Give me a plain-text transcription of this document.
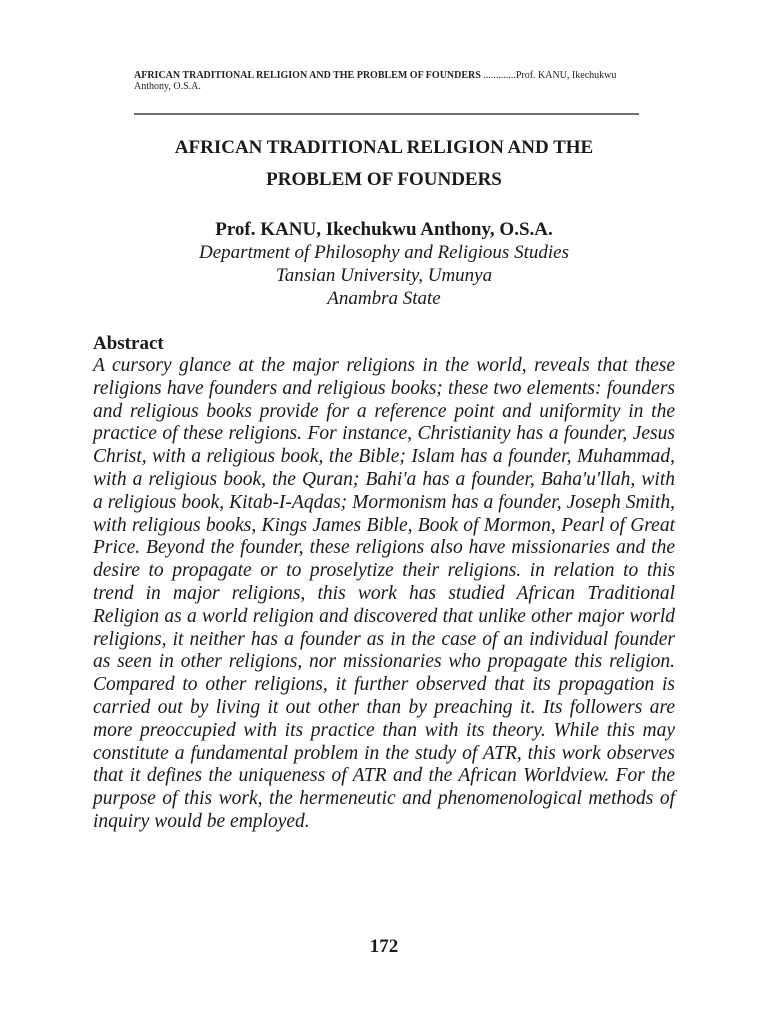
AFRICAN TRADITIONAL RELIGION AND THE PROBLEM OF FOUNDERS .............Prof. KANU, Ikechukwu Anthony, O.S.A.
AFRICAN TRADITIONAL RELIGION AND THE
PROBLEM OF FOUNDERS
Prof. KANU, Ikechukwu Anthony, O.S.A.
Department of Philosophy and Religious Studies
Tansian University, Umunya
Anambra State
Abstract
A cursory glance at the major religions in the world, reveals that these religions have founders and religious books; these two elements: founders and religious books provide for a reference point and uniformity in the practice of these religions. For instance, Christianity has a founder, Jesus Christ, with a religious book, the Bible; Islam has a founder, Muhammad, with a religious book, the Quran; Bahi'a has a founder, Baha'u'llah, with a religious book, Kitab-I-Aqdas; Mormonism has a founder, Joseph Smith, with religious books, Kings James Bible, Book of Mormon, Pearl of Great Price. Beyond the founder, these religions also have missionaries and the desire to propagate or to proselytize their religions. in relation to this trend in major religions, this work has studied African Traditional Religion as a world religion and discovered that unlike other major world religions, it neither has a founder as in the case of an individual founder as seen in other religions, nor missionaries who propagate this religion. Compared to other religions, it further observed that its propagation is carried out by living it out other than by preaching it. Its followers are more preoccupied with its practice than with its theory. While this may constitute a fundamental problem in the study of ATR, this work observes that it defines the uniqueness of ATR and the African Worldview. For the purpose of this work, the hermeneutic and phenomenological methods of inquiry would be employed.
172
